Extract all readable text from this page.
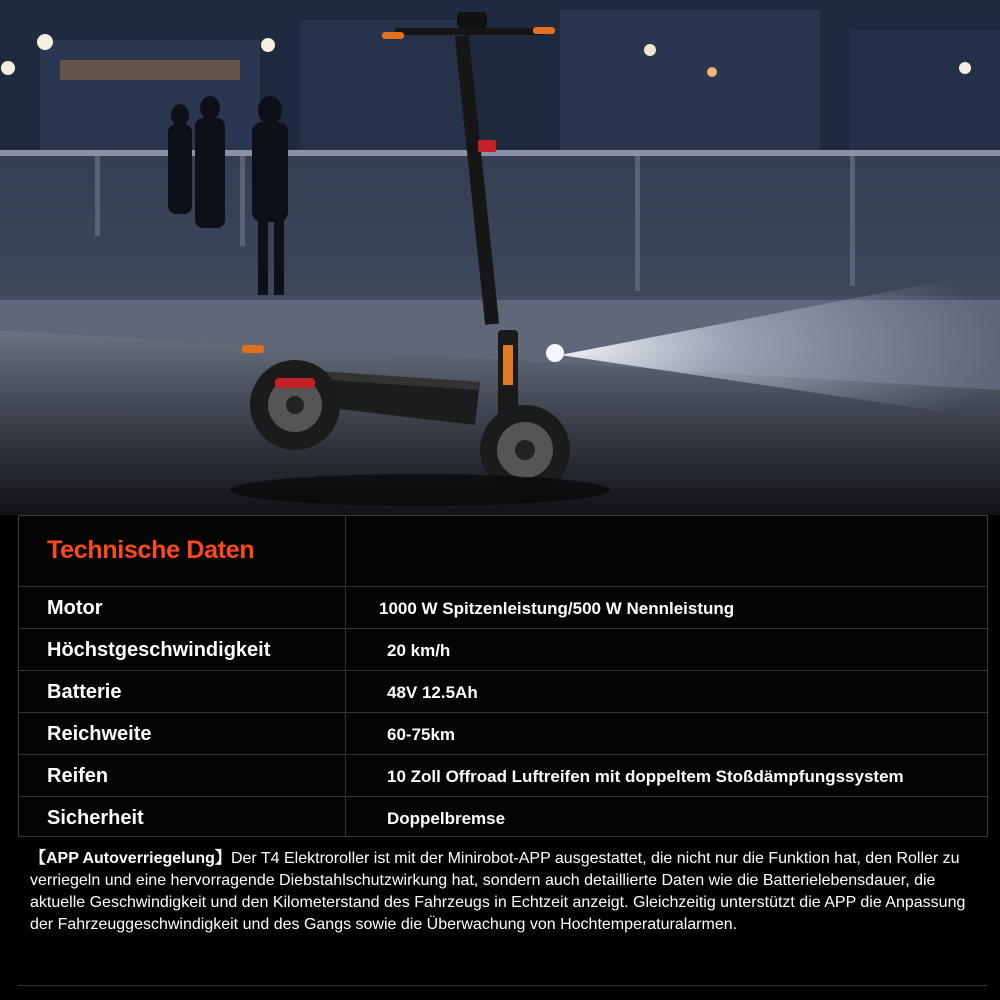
Technische Daten
Motor	1000 W Spitzenleistung/500 W Nennleistung
Höchstgeschwindigkeit	20 km/h
Batterie	48V 12.5Ah
Reichweite	60-75km
Reifen	10 Zoll Offroad Luftreifen mit doppeltem Stoßdämpfungssystem
Sicherheit	Doppelbremse
【APP Autoverriegelung】Der T4 Elektroroller ist mit der Minirobot-APP ausgestattet, die nicht nur die Funktion hat, den Roller zu verriegeln und eine hervorragende Diebstahlschutzwirkung hat, sondern auch detaillierte Daten wie die Batterielebensdauer, die aktuelle Geschwindigkeit und den Kilometerstand des Fahrzeugs in Echtzeit anzeigt. Gleichzeitig unterstützt die APP die Anpassung der Fahrzeuggeschwindigkeit und des Gangs sowie die Überwachung von Hochtemperaturalarmen.
